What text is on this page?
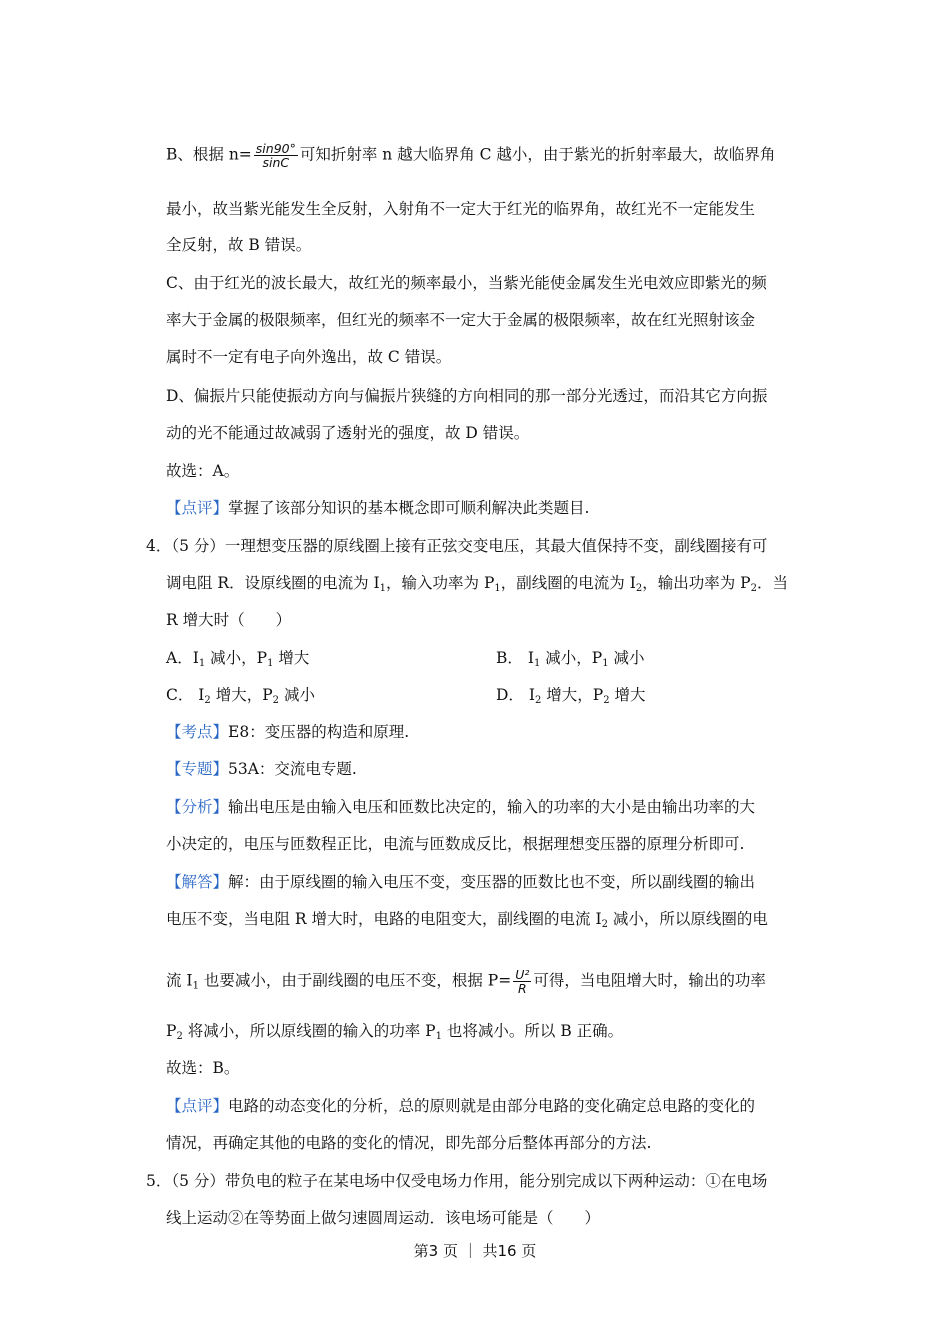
B、根据 $n= \frac{\sin 90^\circ}{\sin C}$ 可知折射率 n 越大临界角 C 越小，由于紫光的折射率最大，故临界角
最小，故当紫光能发生全反射，入射角不一定大于红光的临界角，故红光不一定能发生
全反射，故 B 错误。
C、由于红光的波长最大，故红光的频率最小，当紫光能使金属发生光电效应即紫光的频
率大于金属的极限频率，但红光的频率不一定大于金属的极限频率，故在红光照射该金
属时不一定有电子向外逸出，故 C 错误。
D、偏振片只能使振动方向与偏振片狭缝的方向相同的那一部分光透过，而沿其它方向振
动的光不能通过故减弱了透射光的强度，故 D 错误。
故选：A。
【点评】掌握了该部分知识的基本概念即可顺利解决此类题目.
4．（5 分）一理想变压器的原线圈上接有正弦交变电压，其最大值保持不变，副线圈接有可
调电阻 R．设原线圈的电流为 $I_1$，输入功率为 $P_1$，副线圈的电流为 $I_2$，输出功率为 $P_2$．当
R 增大时（　　）
A．$I_1$ 减小，$P_1$ 增大	B． $I_1$ 减小，$P_1$ 减小
C． $I_2$ 增大，$P_2$ 减小	D． $I_2$ 增大，$P_2$ 增大
【考点】E8：变压器的构造和原理.
【专题】53A：交流电专题.
【分析】输出电压是由输入电压和匝数比决定的，输入的功率的大小是由输出功率的大
小决定的，电压与匝数程正比，电流与匝数成反比，根据理想变压器的原理分析即可.
【解答】解：由于原线圈的输入电压不变，变压器的匝数比也不变，所以副线圈的输出
电压不变，当电阻 R 增大时，电路的电阻变大，副线圈的电流 $I_2$ 减小，所以原线圈的电
流 $I_1$ 也要减小，由于副线圈的电压不变，根据 $P= \frac{\text{U²}}{R}$ 可得，当电阻增大时，输出的功率
$P_2$ 将减小，所以原线圈的输入的功率 $P_1$ 也将减小。所以 B 正确。
故选：B。
【点评】电路的动态变化的分析，总的原则就是由部分电路的变化确定总电路的变化的
情况，再确定其他的电路的变化的情况，即先部分后整体再部分的方法.
5．（5 分）带负电的粒子在某电场中仅受电场力作用，能分别完成以下两种运动：①在电场
线上运动②在等势面上做匀速圆周运动．该电场可能是（　　）
第3 页 ｜ 共16 页
